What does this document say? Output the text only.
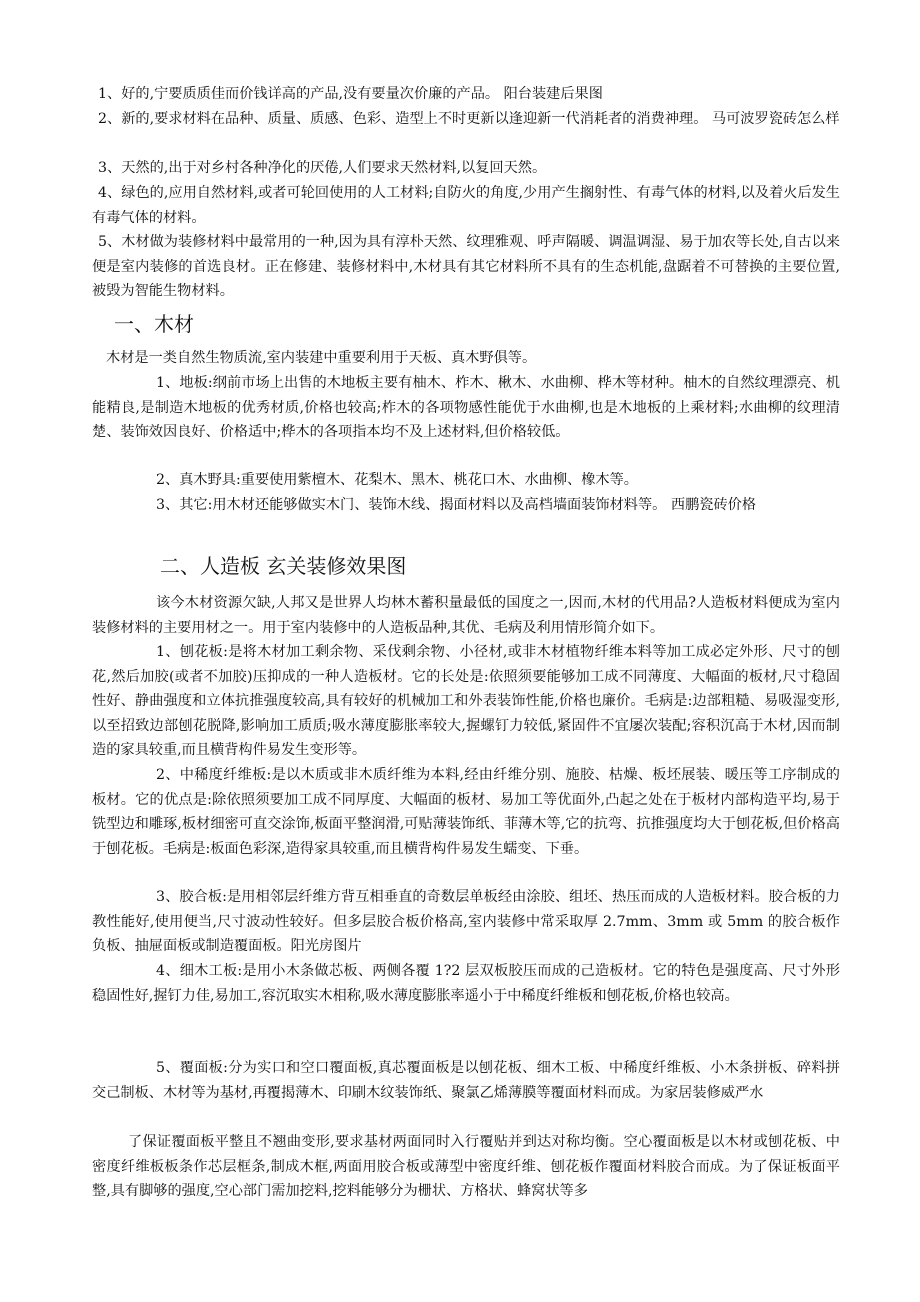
1、好的,宁要质质佳而价钱详高的产品,没有要量次价廉的产品。 阳台装建后果图

2、新的,要求材料在品种、质量、质感、色彩、造型上不时更新以逢迎新一代消耗者的消费神理。 马可波罗瓷砖怎么样

3、天然的,出于对乡村各种净化的厌倦,人们要求天然材料,以复回天然。

4、绿色的,应用自然材料,或者可轮回使用的人工材料;自防火的角度,少用产生搁射性、有毒气体的材料,以及着火后发生有毒气体的材料。

5、木材做为装修材料中最常用的一种,因为具有淳朴天然、纹理雅观、呼声隔暖、调温调湿、易于加农等长处,自古以来便是室内装修的首选良材。正在修建、装修材料中,木材具有其它材料所不具有的生态机能,盘踞着不可替换的主要位置,被毁为智能生物材料。

一、木材

木材是一类自然生物质流,室内装建中重要利用于天板、真木野俱等。

1、地板:纲前市场上出售的木地板主要有柚木、柞木、楸木、水曲柳、桦木等材种。柚木的自然纹理漂亮、机能精良,是制造木地板的优秀材质,价格也较高;柞木的各项物感性能优于水曲柳,也是木地板的上乘材料;水曲柳的纹理清楚、装饰效因良好、价格适中;桦木的各项指本均不及上述材料,但价格较低。

2、真木野具:重要使用紫檀木、花梨木、黑木、桃花口木、水曲柳、橡木等。

3、其它:用木材还能够做实木门、装饰木线、揭面材料以及高档墙面装饰材料等。 西鹏瓷砖价格

二、人造板 玄关装修效果图

该今木材资源欠缺,人邦又是世界人均林木蓄积量最低的国度之一,因而,木材的代用品?人造板材料便成为室内装修材料的主要用材之一。用于室内装修中的人造板品种,其优、毛病及利用情形简介如下。

1、刨花板:是将木材加工剩余物、采伐剩余物、小径材,或非木材植物纤维本料等加工成必定外形、尺寸的刨花,然后加胶(或者不加胶)压抑成的一种人造板材。它的长处是:依照须要能够加工成不同薄度、大幅面的板材,尺寸稳固性好、静曲强度和立体抗推强度较高,具有较好的机械加工和外表装饰性能,价格也廉价。毛病是:边部粗糙、易吸湿变形,以至招致边部刨花脱降,影响加工质质;吸水薄度膨胀率较大,握螺钉力较低,紧固件不宜屡次装配;容积沉高于木材,因而制造的家具较重,而且横背构件易发生变形等。

2、中稀度纤维板:是以木质或非木质纤维为本料,经由纤维分别、施胶、枯燥、板坯展装、暖压等工序制成的板材。它的优点是:除依照须要加工成不同厚度、大幅面的板材、易加工等优面外,凸起之处在于板材内部构造平均,易于铣型边和雕琢,板材细密可直交涂饰,板面平整润滑,可贴薄装饰纸、菲薄木等,它的抗弯、抗推强度均大于刨花板,但价格高于刨花板。毛病是:板面色彩深,造得家具较重,而且横背构件易发生蠕变、下垂。

3、胶合板:是用相邻层纤维方背互相垂直的奇数层单板经由涂胶、组坯、热压而成的人造板材料。胶合板的力教性能好,使用便当,尺寸波动性较好。但多层胶合板价格高,室内装修中常采取厚 2.7mm、3mm 或 5mm 的胶合板作负板、抽屉面板或制造覆面板。阳光房图片

4、细木工板:是用小木条做芯板、两侧各覆 1?2 层双板胶压而成的己造板材。它的特色是强度高、尺寸外形稳固性好,握钉力佳,易加工,容沉取实木相称,吸水薄度膨胀率遥小于中稀度纤维板和刨花板,价格也较高。

5、覆面板:分为实口和空口覆面板,真芯覆面板是以刨花板、细木工板、中稀度纤维板、小木条拼板、碎料拼交己制板、木材等为基材,再覆揭薄木、印刷木纹装饰纸、聚氯乙烯薄膜等覆面材料而成。为家居装修威严水

了保证覆面板平整且不翘曲变形,要求基材两面同时入行覆贴并到达对称均衡。空心覆面板是以木材或刨花板、中密度纤维板板条作芯层框条,制成木框,两面用胶合板或薄型中密度纤维、刨花板作覆面材料胶合而成。为了保证板面平整,具有脚够的强度,空心部门需加挖料,挖料能够分为栅状、方格状、蜂窝状等多
